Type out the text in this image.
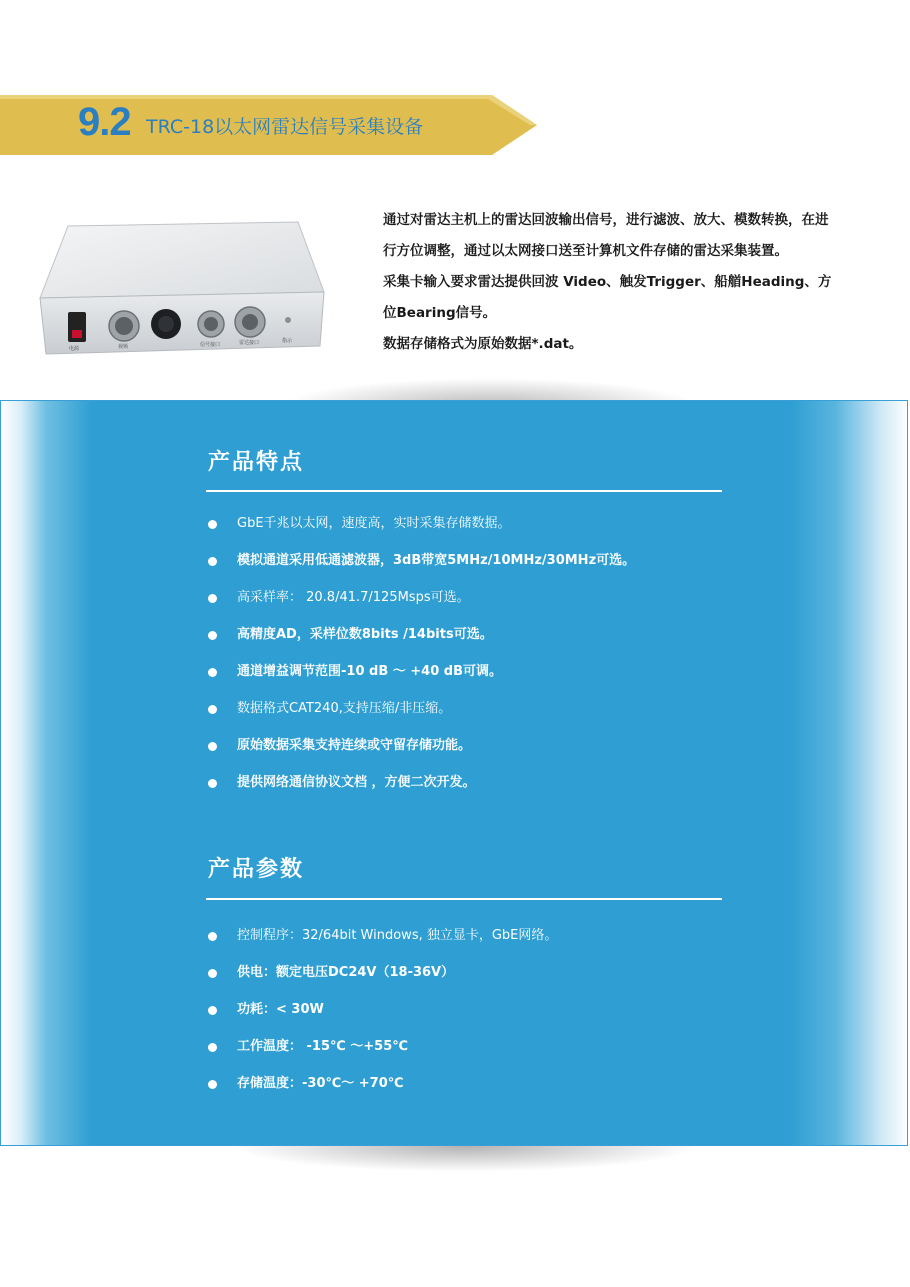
9.2 TRC-18以太网雷达信号采集设备
电源	视频	信号接口	雷达接口	指示

通过对雷达主机上的雷达回波输出信号，进行滤波、放大、模数转换，在进行方位调整，通过以太网接口送至计算机文件存储的雷达采集装置。

采集卡输入要求雷达提供回波 Video、触发Trigger、船艏Heading、方位Bearing信号。

数据存储格式为原始数据*.dat。

产品特点
GbE千兆以太网，速度高，实时采集存储数据。
模拟通道采用低通滤波器，3dB带宽5MHz/10MHz/30MHz可选。
高采样率： 20.8/41.7/125Msps可选。
高精度AD，采样位数8bits /14bits可选。
通道增益调节范围-10 dB ～ +40 dB可调。
数据格式CAT240,支持压缩/非压缩。
原始数据采集支持连续或守留存储功能。
提供网络通信协议文档 ，方便二次开发。
产品参数
控制程序：32/64bit Windows, 独立显卡，GbE网络。
供电：额定电压DC24V（18-36V）
功耗：< 30W
工作温度： -15℃ ～+55℃
存储温度：-30℃～ +70℃
